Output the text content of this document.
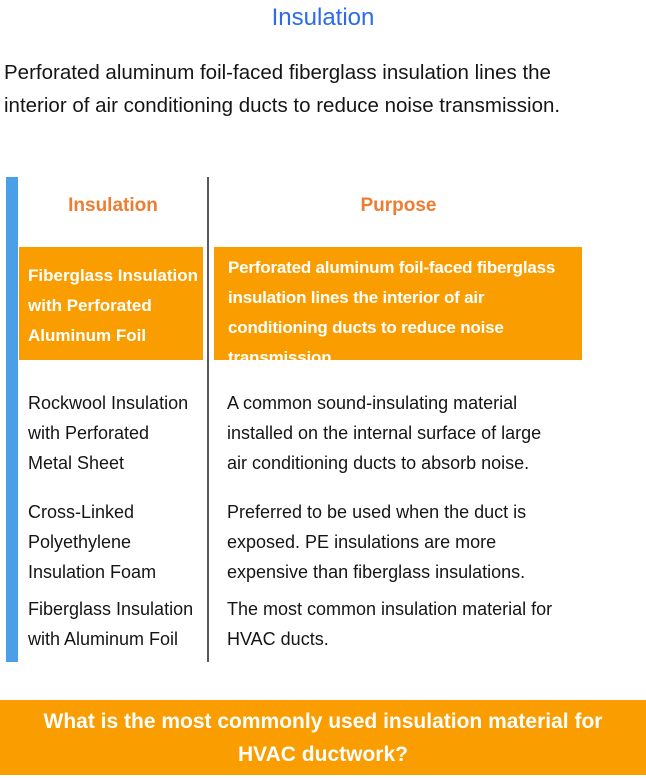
Insulation
Perforated aluminum foil-faced fiberglass insulation lines the
interior of air conditioning ducts to reduce noise transmission.
Insulation	Purpose
Fiberglass Insulation
with Perforated
Aluminum Foil
Perforated aluminum foil-faced fiberglass
insulation lines the interior of air
conditioning ducts to reduce noise
transmission.
Rockwool Insulation
with Perforated
Metal Sheet
A common sound-insulating material
installed on the internal surface of large
air conditioning ducts to absorb noise.
Cross-Linked
Polyethylene
Insulation Foam
Preferred to be used when the duct is
exposed. PE insulations are more
expensive than fiberglass insulations.
Fiberglass Insulation
with Aluminum Foil
The most common insulation material for
HVAC ducts.
What is the most commonly used insulation material for
HVAC ductwork?
